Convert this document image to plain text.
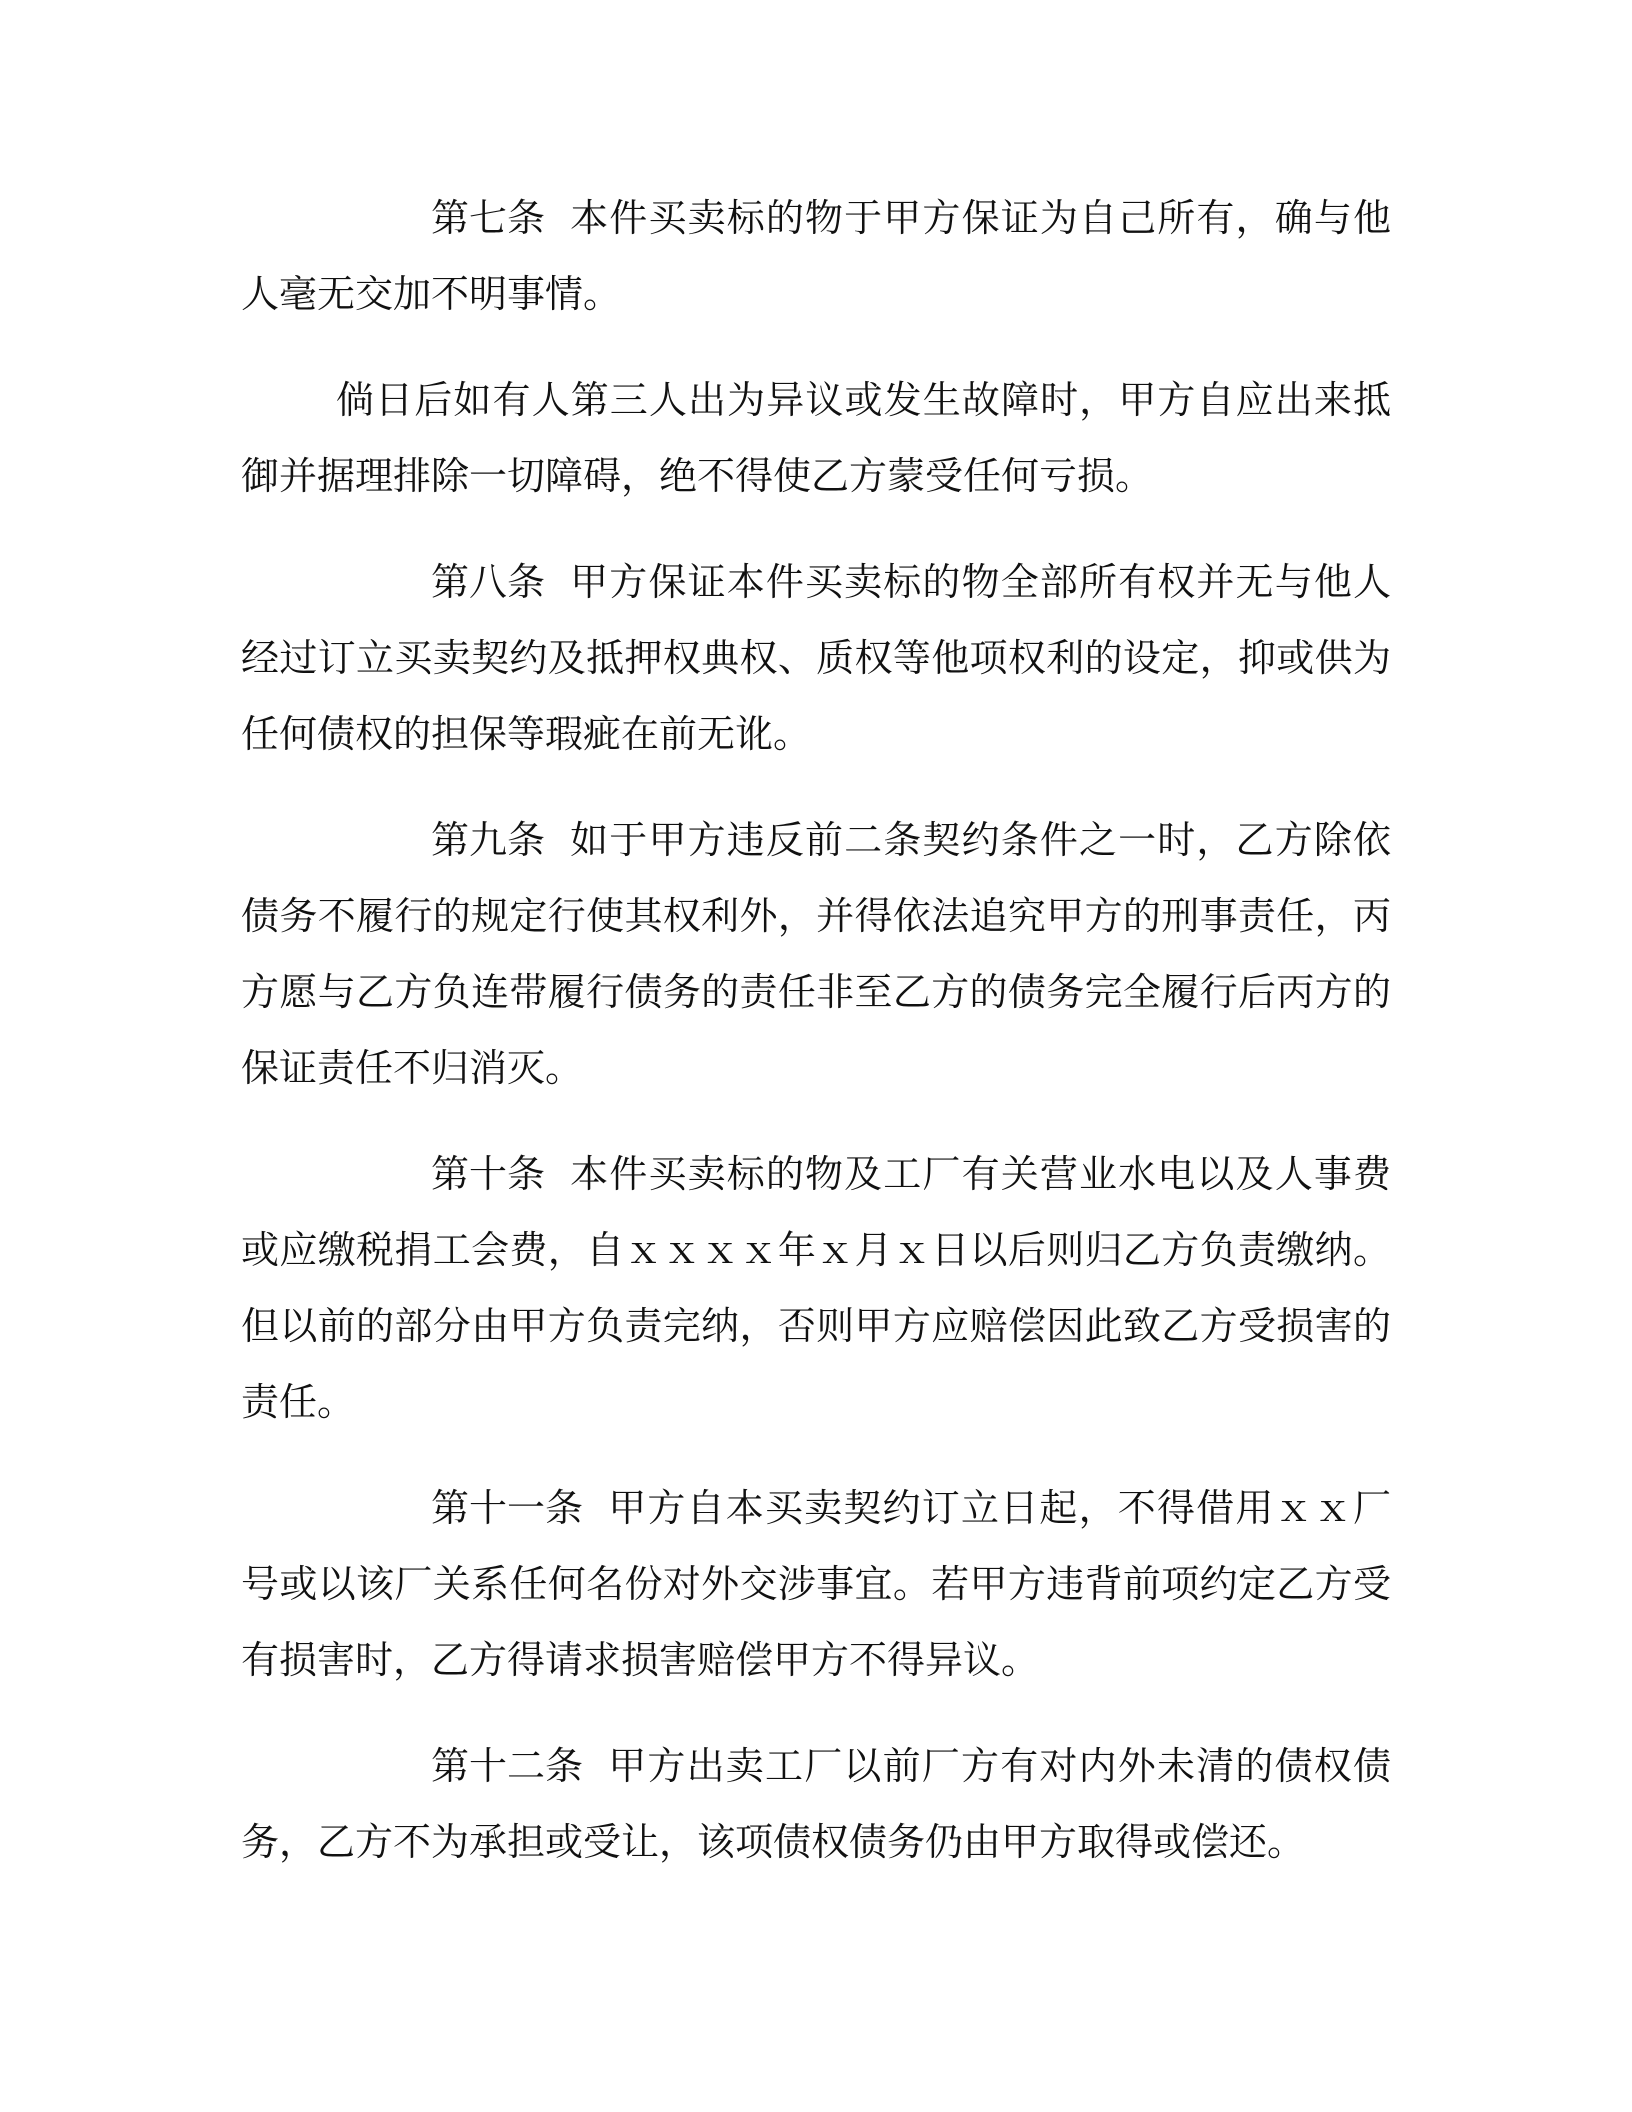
第七条 本件买卖标的物于甲方保证为自己所有，确与他人毫无交加不明事情。

倘日后如有人第三人出为异议或发生故障时，甲方自应出来抵御并据理排除一切障碍，绝不得使乙方蒙受任何亏损。

第八条 甲方保证本件买卖标的物全部所有权并无与他人经过订立买卖契约及抵押权典权、质权等他项权利的设定，抑或供为任何债权的担保等瑕疵在前无讹。

第九条 如于甲方违反前二条契约条件之一时，乙方除依债务不履行的规定行使其权利外，并得依法追究甲方的刑事责任，丙方愿与乙方负连带履行债务的责任非至乙方的债务完全履行后丙方的保证责任不归消灭。

第十条 本件买卖标的物及工厂有关营业水电以及人事费或应缴税捐工会费，自ｘｘｘｘ年ｘ月ｘ日以后则归乙方负责缴纳。但以前的部分由甲方负责完纳，否则甲方应赔偿因此致乙方受损害的责任。

第十一条 甲方自本买卖契约订立日起，不得借用ｘｘ厂号或以该厂关系任何名份对外交涉事宜。若甲方违背前项约定乙方受有损害时，乙方得请求损害赔偿甲方不得异议。

第十二条 甲方出卖工厂以前厂方有对内外未清的债权债务，乙方不为承担或受让，该项债权债务仍由甲方取得或偿还。
